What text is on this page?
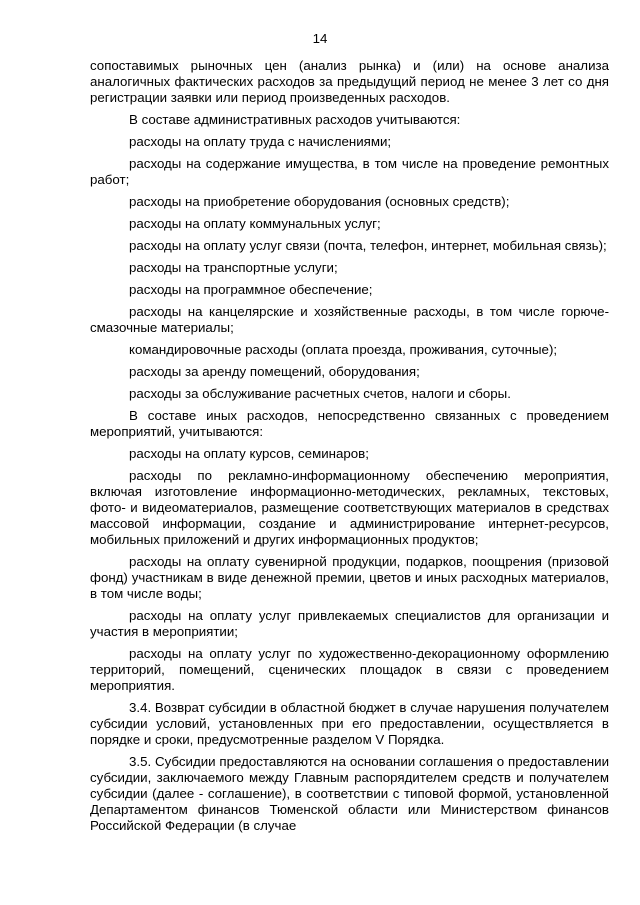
14

сопоставимых рыночных цен (анализ рынка) и (или) на основе анализа аналогичных фактических расходов за предыдущий период не менее 3 лет со дня регистрации заявки или период произведенных расходов.

В составе административных расходов учитываются:

расходы на оплату труда с начислениями;

расходы на содержание имущества, в том числе на проведение ремонтных работ;

расходы на приобретение оборудования (основных средств);

расходы на оплату коммунальных услуг;

расходы на оплату услуг связи (почта, телефон, интернет, мобильная связь);

расходы на транспортные услуги;

расходы на программное обеспечение;

расходы на канцелярские и хозяйственные расходы, в том числе горюче-смазочные материалы;

командировочные расходы (оплата проезда, проживания, суточные);

расходы за аренду помещений, оборудования;

расходы за обслуживание расчетных счетов, налоги и сборы.

В составе иных расходов, непосредственно связанных с проведением мероприятий, учитываются:

расходы на оплату курсов, семинаров;

расходы по рекламно-информационному обеспечению мероприятия, включая изготовление информационно-методических, рекламных, текстовых, фото- и видеоматериалов, размещение соответствующих материалов в средствах массовой информации, создание и администрирование интернет-ресурсов, мобильных приложений и других информационных продуктов;

расходы на оплату сувенирной продукции, подарков, поощрения (призовой фонд) участникам в виде денежной премии, цветов и иных расходных материалов, в том числе воды;

расходы на оплату услуг привлекаемых специалистов для организации и участия в мероприятии;

расходы на оплату услуг по художественно-декорационному оформлению территорий, помещений, сценических площадок в связи с проведением мероприятия.

3.4. Возврат субсидии в областной бюджет в случае нарушения получателем субсидии условий, установленных при его предоставлении, осуществляется в порядке и сроки, предусмотренные разделом V Порядка.

3.5. Субсидии предоставляются на основании соглашения о предоставлении субсидии, заключаемого между Главным распорядителем средств и получателем субсидии (далее - соглашение), в соответствии с типовой формой, установленной Департаментом финансов Тюменской области или Министерством финансов Российской Федерации (в случае
